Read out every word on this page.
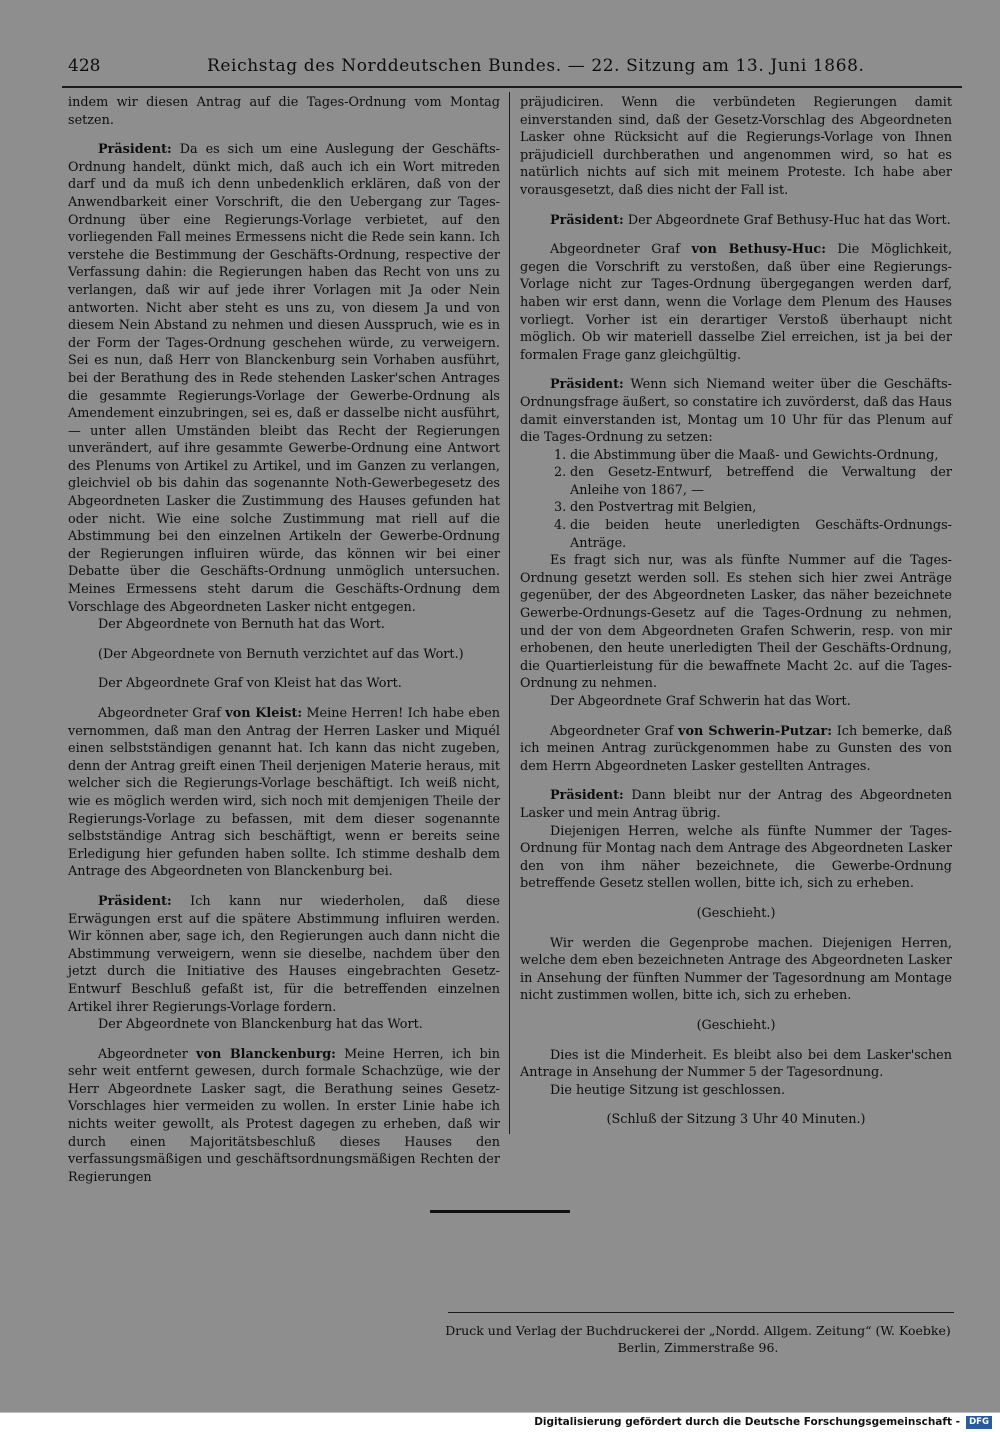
428	Reichstag des Norddeutschen Bundes. — 22. Sitzung am 13. Juni 1868.

indem wir diesen Antrag auf die Tages-Ordnung vom Montag setzen.

Präsident: Da es sich um eine Auslegung der Geschäfts-Ordnung handelt, dünkt mich, daß auch ich ein Wort mitreden darf und da muß ich denn unbedenklich erklären, daß von der Anwendbarkeit einer Vorschrift, die den Uebergang zur Tages-Ordnung über eine Regierungs-Vorlage verbietet, auf den vorliegenden Fall meines Ermessens nicht die Rede sein kann. Ich verstehe die Bestimmung der Geschäfts-Ordnung, respective der Verfassung dahin: die Regierungen haben das Recht von uns zu verlangen, daß wir auf jede ihrer Vorlagen mit Ja oder Nein antworten. Nicht aber steht es uns zu, von diesem Ja und von diesem Nein Abstand zu nehmen und diesen Ausspruch, wie es in der Form der Tages-Ordnung geschehen würde, zu verweigern. Sei es nun, daß Herr von Blanckenburg sein Vorhaben ausführt, bei der Berathung des in Rede stehenden Lasker'schen Antrages die gesammte Regierungs-Vorlage der Gewerbe-Ordnung als Amendement einzubringen, sei es, daß er dasselbe nicht ausführt, — unter allen Umständen bleibt das Recht der Regierungen unverändert, auf ihre gesammte Gewerbe-Ordnung eine Antwort des Plenums von Artikel zu Artikel, und im Ganzen zu verlangen, gleichviel ob bis dahin das sogenannte Noth-Gewerbegesetz des Abgeordneten Lasker die Zustimmung des Hauses gefunden hat oder nicht. Wie eine solche Zustimmung mat riell auf die Abstimmung bei den einzelnen Artikeln der Gewerbe-Ordnung der Regierungen influiren würde, das können wir bei einer Debatte über die Geschäfts-Ordnung unmöglich untersuchen. Meines Ermessens steht darum die Geschäfts-Ordnung dem Vorschlage des Abgeordneten Lasker nicht entgegen.

Der Abgeordnete von Bernuth hat das Wort.

(Der Abgeordnete von Bernuth verzichtet auf das Wort.)

Der Abgeordnete Graf von Kleist hat das Wort.

Abgeordneter Graf von Kleist: Meine Herren! Ich habe eben vernommen, daß man den Antrag der Herren Lasker und Miquél einen selbstständigen genannt hat. Ich kann das nicht zugeben, denn der Antrag greift einen Theil derjenigen Materie heraus, mit welcher sich die Regierungs-Vorlage beschäftigt. Ich weiß nicht, wie es möglich werden wird, sich noch mit demjenigen Theile der Regierungs-Vorlage zu befassen, mit dem dieser sogenannte selbstständige Antrag sich beschäftigt, wenn er bereits seine Erledigung hier gefunden haben sollte. Ich stimme deshalb dem Antrage des Abgeordneten von Blanckenburg bei.

Präsident: Ich kann nur wiederholen, daß diese Erwägungen erst auf die spätere Abstimmung influiren werden. Wir können aber, sage ich, den Regierungen auch dann nicht die Abstimmung verweigern, wenn sie dieselbe, nachdem über den jetzt durch die Initiative des Hauses eingebrachten Gesetz-Entwurf Beschluß gefaßt ist, für die betreffenden einzelnen Artikel ihrer Regierungs-Vorlage fordern.

Der Abgeordnete von Blanckenburg hat das Wort.

Abgeordneter von Blanckenburg: Meine Herren, ich bin sehr weit entfernt gewesen, durch formale Schachzüge, wie der Herr Abgeordnete Lasker sagt, die Berathung seines Gesetz-Vorschlages hier vermeiden zu wollen. In erster Linie habe ich nichts weiter gewollt, als Protest dagegen zu erheben, daß wir durch einen Majoritätsbeschluß dieses Hauses den verfassungsmäßigen und geschäftsordnungsmäßigen Rechten der Regierungen

präjudiciren. Wenn die verbündeten Regierungen damit einverstanden sind, daß der Gesetz-Vorschlag des Abgeordneten Lasker ohne Rücksicht auf die Regierungs-Vorlage von Ihnen präjudiciell durchberathen und angenommen wird, so hat es natürlich nichts auf sich mit meinem Proteste. Ich habe aber vorausgesetzt, daß dies nicht der Fall ist.

Präsident: Der Abgeordnete Graf Bethusy-Huc hat das Wort.

Abgeordneter Graf von Bethusy-Huc: Die Möglichkeit, gegen die Vorschrift zu verstoßen, daß über eine Regierungs-Vorlage nicht zur Tages-Ordnung übergegangen werden darf, haben wir erst dann, wenn die Vorlage dem Plenum des Hauses vorliegt. Vorher ist ein derartiger Verstoß überhaupt nicht möglich. Ob wir materiell dasselbe Ziel erreichen, ist ja bei der formalen Frage ganz gleichgültig.

Präsident: Wenn sich Niemand weiter über die Geschäfts-Ordnungsfrage äußert, so constatire ich zuvörderst, daß das Haus damit einverstanden ist, Montag um 10 Uhr für das Plenum auf die Tages-Ordnung zu setzen:

1. die Abstimmung über die Maaß- und Gewichts-Ordnung,
2. den Gesetz-Entwurf, betreffend die Verwaltung der Anleihe von 1867, —
3. den Postvertrag mit Belgien,
4. die beiden heute unerledigten Geschäfts-Ordnungs-Anträge.

Es fragt sich nur, was als fünfte Nummer auf die Tages-Ordnung gesetzt werden soll. Es stehen sich hier zwei Anträge gegenüber, der des Abgeordneten Lasker, das näher bezeichnete Gewerbe-Ordnungs-Gesetz auf die Tages-Ordnung zu nehmen, und der von dem Abgeordneten Grafen Schwerin, resp. von mir erhobenen, den heute unerledigten Theil der Geschäfts-Ordnung, die Quartierleistung für die bewaffnete Macht 2c. auf die Tages-Ordnung zu nehmen.

Der Abgeordnete Graf Schwerin hat das Wort.

Abgeordneter Graf von Schwerin-Putzar: Ich bemerke, daß ich meinen Antrag zurückgenommen habe zu Gunsten des von dem Herrn Abgeordneten Lasker gestellten Antrages.

Präsident: Dann bleibt nur der Antrag des Abgeordneten Lasker und mein Antrag übrig.

Diejenigen Herren, welche als fünfte Nummer der Tages-Ordnung für Montag nach dem Antrage des Abgeordneten Lasker den von ihm näher bezeichnete, die Gewerbe-Ordnung betreffende Gesetz stellen wollen, bitte ich, sich zu erheben.

(Geschieht.)

Wir werden die Gegenprobe machen. Diejenigen Herren, welche dem eben bezeichneten Antrage des Abgeordneten Lasker in Ansehung der fünften Nummer der Tagesordnung am Montage nicht zustimmen wollen, bitte ich, sich zu erheben.

(Geschieht.)

Dies ist die Minderheit. Es bleibt also bei dem Lasker'schen Antrage in Ansehung der Nummer 5 der Tagesordnung.

Die heutige Sitzung ist geschlossen.

(Schluß der Sitzung 3 Uhr 40 Minuten.)

Druck und Verlag der Buchdruckerei der „Nordd. Allgem. Zeitung“ (W. Koebke)
Berlin, Zimmerstraße 96.
Digitalisierung gefördert durch die Deutsche Forschungsgemeinschaft -	DFG
